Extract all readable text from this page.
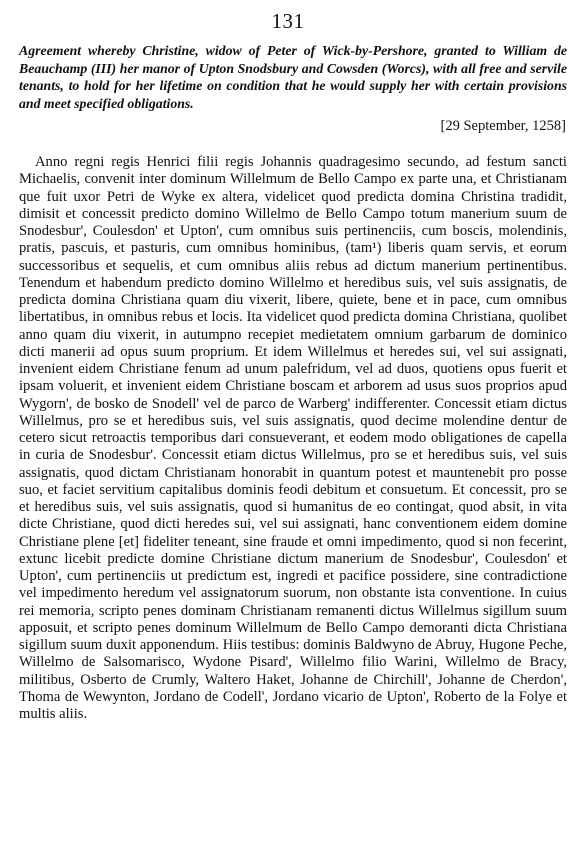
131
Agreement whereby Christine, widow of Peter of Wick-by-Pershore, granted to William de Beauchamp (III) her manor of Upton Snodsbury and Cowsden (Worcs), with all free and servile tenants, to hold for her lifetime on condition that he would supply her with certain provisions and meet specified obligations.
[29 September, 1258]

Anno regni regis Henrici filii regis Johannis quadragesimo secundo, ad festum sancti Michaelis, convenit inter dominum Willelmum de Bello Campo ex parte una, et Christianam que fuit uxor Petri de Wyke ex altera, videlicet quod predicta domina Christina tradidit, dimisit et concessit predicto domino Willelmo de Bello Campo totum manerium suum de Snodesbur', Coulesdon' et Upton', cum omnibus suis pertinenciis, cum boscis, molendinis, pratis, pascuis, et pasturis, cum omnibus hominibus, (tam¹) liberis quam servis, et eorum successoribus et sequelis, et cum omnibus aliis rebus ad dictum manerium pertinentibus. Tenendum et habendum predicto domino Willelmo et heredibus suis, vel suis assignatis, de predicta domina Christiana quam diu vixerit, libere, quiete, bene et in pace, cum omnibus libertatibus, in omnibus rebus et locis. Ita videlicet quod predicta domina Christiana, quolibet anno quam diu vixerit, in autumpno recepiet medietatem omnium garbarum de dominico dicti manerii ad opus suum proprium. Et idem Willelmus et heredes sui, vel sui assignati, invenient eidem Christiane fenum ad unum palefridum, vel ad duos, quotiens opus fuerit et ipsam voluerit, et invenient eidem Christiane boscam et arborem ad usus suos proprios apud Wygorn', de bosko de Snodell' vel de parco de Warberg' indifferenter. Concessit etiam dictus Willelmus, pro se et heredibus suis, vel suis assignatis, quod decime molendine dentur de cetero sicut retroactis temporibus dari consueverant, et eodem modo obligationes de capella in curia de Snodesbur'. Concessit etiam dictus Willelmus, pro se et heredibus suis, vel suis assignatis, quod dictam Christianam honorabit in quantum potest et mauntenebit pro posse suo, et faciet servitium capitalibus dominis feodi debitum et consuetum. Et concessit, pro se et heredibus suis, vel suis assignatis, quod si humanitus de eo contingat, quod absit, in vita dicte Christiane, quod dicti heredes sui, vel sui assignati, hanc conventionem eidem domine Christiane plene [et] fideliter teneant, sine fraude et omni impedimento, quod si non fecerint, extunc licebit predicte domine Christiane dictum manerium de Snodesbur', Coulesdon' et Upton', cum pertinenciis ut predictum est, ingredi et pacifice possidere, sine contradictione vel impedimento heredum vel assignatorum suorum, non obstante ista conventione. In cuius rei memoria, scripto penes dominam Christianam remanenti dictus Willelmus sigillum suum apposuit, et scripto penes dominum Willelmum de Bello Campo demoranti dicta Christiana sigillum suum duxit apponendum. Hiis testibus: dominis Baldwyno de Abruy, Hugone Peche, Willelmo de Salsomarisco, Wydone Pisard', Willelmo filio Warini, Willelmo de Bracy, militibus, Osberto de Crumly, Waltero Haket, Johanne de Chirchill', Johanne de Cherdon', Thoma de Wewynton, Jordano de Codell', Jordano vicario de Upton', Roberto de la Folye et multis aliis.
